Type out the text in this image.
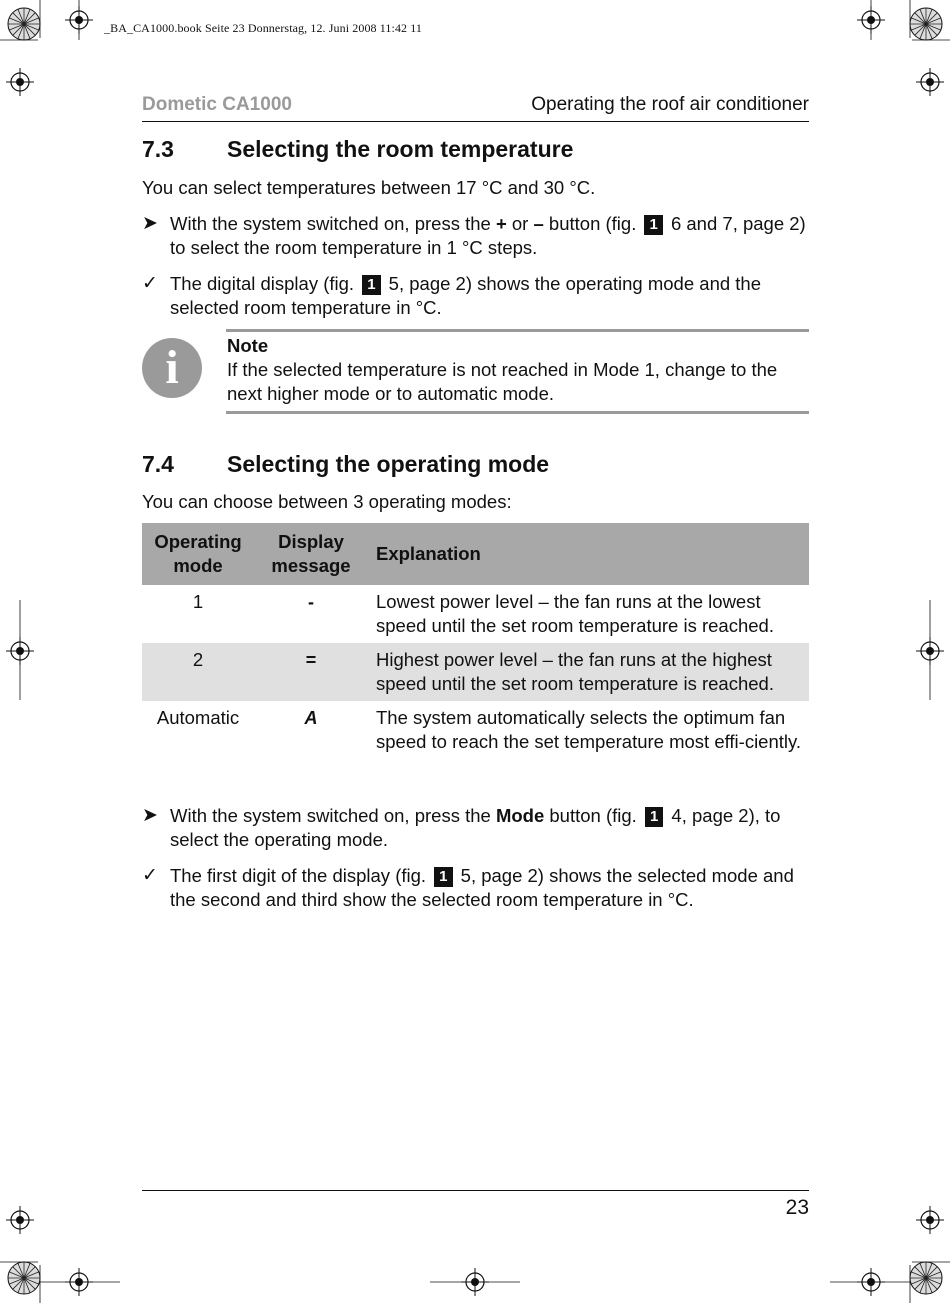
_BA_CA1000.book Seite 23 Donnerstag, 12. Juni 2008 11:42 11
Dometic CA1000	Operating the roof air conditioner
7.3 Selecting the room temperature
You can select temperatures between 17 °C and 30 °C.
➤ With the system switched on, press the + or – button (fig. 1 6 and 7, page 2) to select the room temperature in 1 °C steps.
✓ The digital display (fig. 1 5, page 2) shows the operating mode and the selected room temperature in °C.
i	Note
If the selected temperature is not reached in Mode 1, change to the next higher mode or to automatic mode.
7.4 Selecting the operating mode
You can choose between 3 operating modes:
Operating mode	Display message	Explanation
1	-	Lowest power level – the fan runs at the lowest speed until the set room temperature is reached.
2	=	Highest power level – the fan runs at the highest speed until the set room temperature is reached.
Automatic	A	The system automatically selects the optimum fan speed to reach the set temperature most effi-ciently.
➤ With the system switched on, press the Mode button (fig. 1 4, page 2), to select the operating mode.
✓ The first digit of the display (fig. 1 5, page 2) shows the selected mode and the second and third show the selected room temperature in °C.
23
